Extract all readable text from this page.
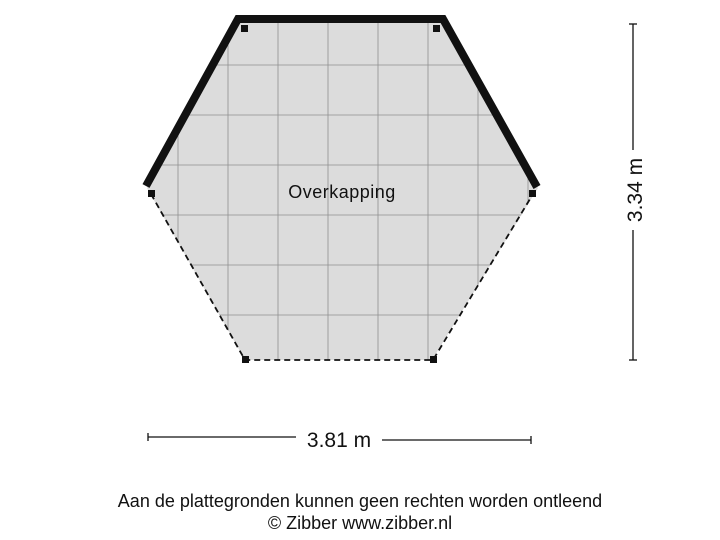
Overkapping	3.34 m
3.81 m
Aan de plattegronden kunnen geen rechten worden ontleend
© Zibber www.zibber.nl
